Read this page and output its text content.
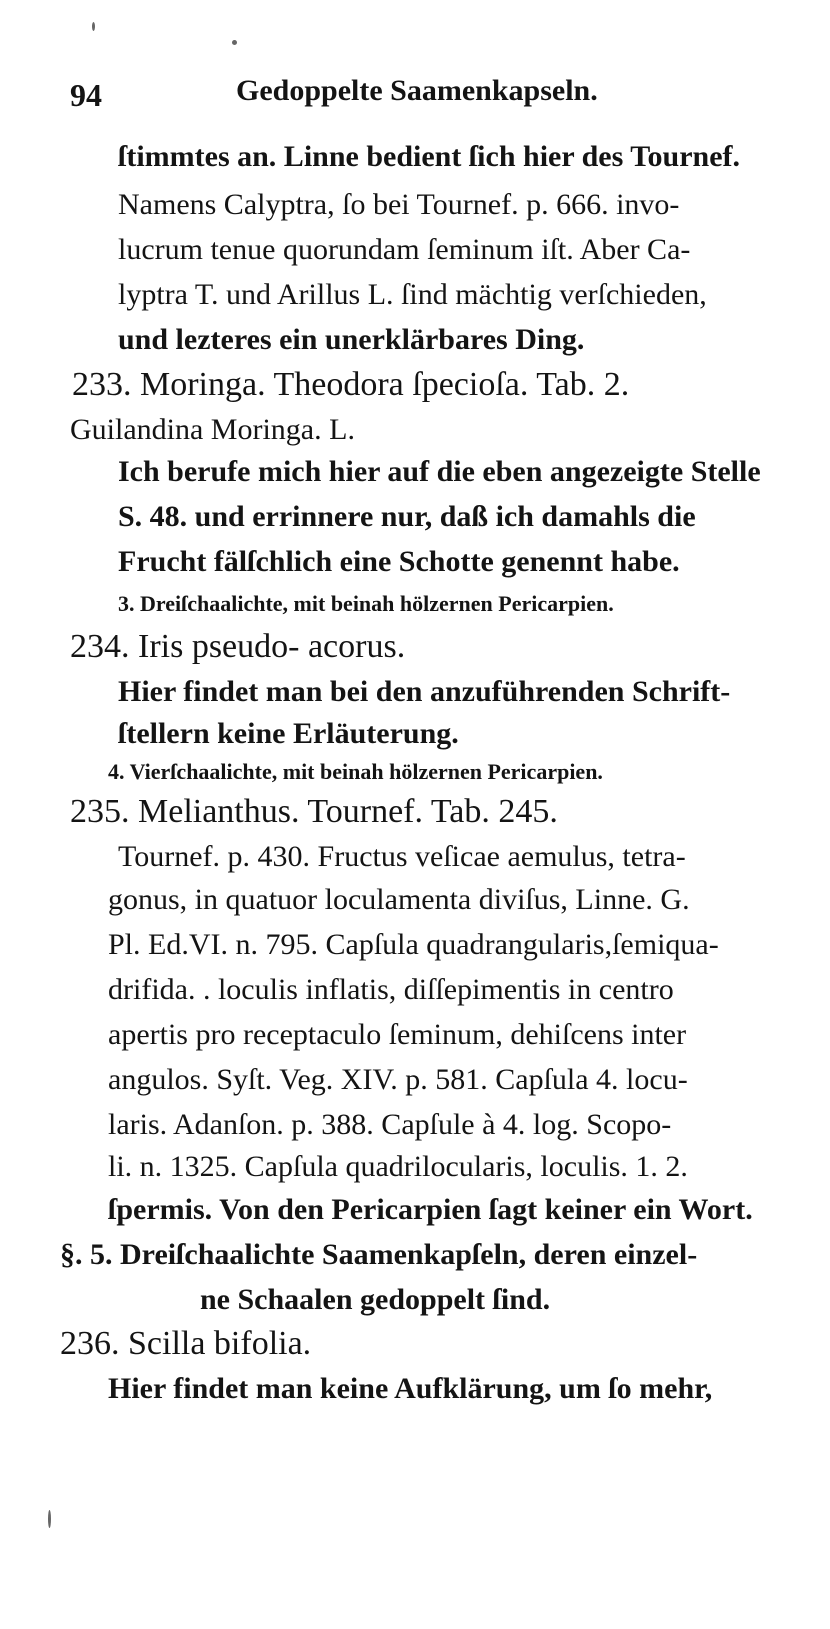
94	Gedoppelte Saamenkapseln.
ſtimmtes an. Linne bedient ſich hier des Tournef.
Namens Calyptra, ſo bei Tournef. p. 666. invo-
lucrum tenue quorundam ſeminum iſt. Aber Ca-
lyptra T. und Arillus L. ſind mächtig verſchieden,
und lezteres ein unerklärbares Ding.
233. Moringa. Theodora ſpecioſa. Tab. 2.
Guilandina Moringa. L.
Ich berufe mich hier auf die eben angezeigte Stelle
S. 48. und errinnere nur, daß ich damahls die
Frucht fälſchlich eine Schotte genennt habe.
3. Dreiſchaalichte, mit beinah hölzernen Pericarpien.
234. Iris pseudo- acorus.
Hier findet man bei den anzuführenden Schrift-
ſtellern keine Erläuterung.
4. Vierſchaalichte, mit beinah hölzernen Pericarpien.
235. Melianthus. Tournef. Tab. 245.
Tournef. p. 430. Fructus veſicae aemulus, tetra-
gonus, in quatuor loculamenta diviſus, Linne. G.
Pl. Ed.VI. n. 795. Capſula quadrangularis,ſemiqua-
drifida. . loculis inflatis, diſſepimentis in centro
apertis pro receptaculo ſeminum, dehiſcens inter
angulos. Syſt. Veg. XIV. p. 581. Capſula 4. locu-
laris. Adanſon. p. 388. Capſule à 4. log. Scopo-
li. n. 1325. Capſula quadrilocularis, loculis. 1. 2.
ſpermis. Von den Pericarpien ſagt keiner ein Wort.
§. 5. Dreiſchaalichte Saamenkapſeln, deren einzel-
ne Schaalen gedoppelt ſind.
236. Scilla bifolia.
Hier findet man keine Aufklärung, um ſo mehr,
